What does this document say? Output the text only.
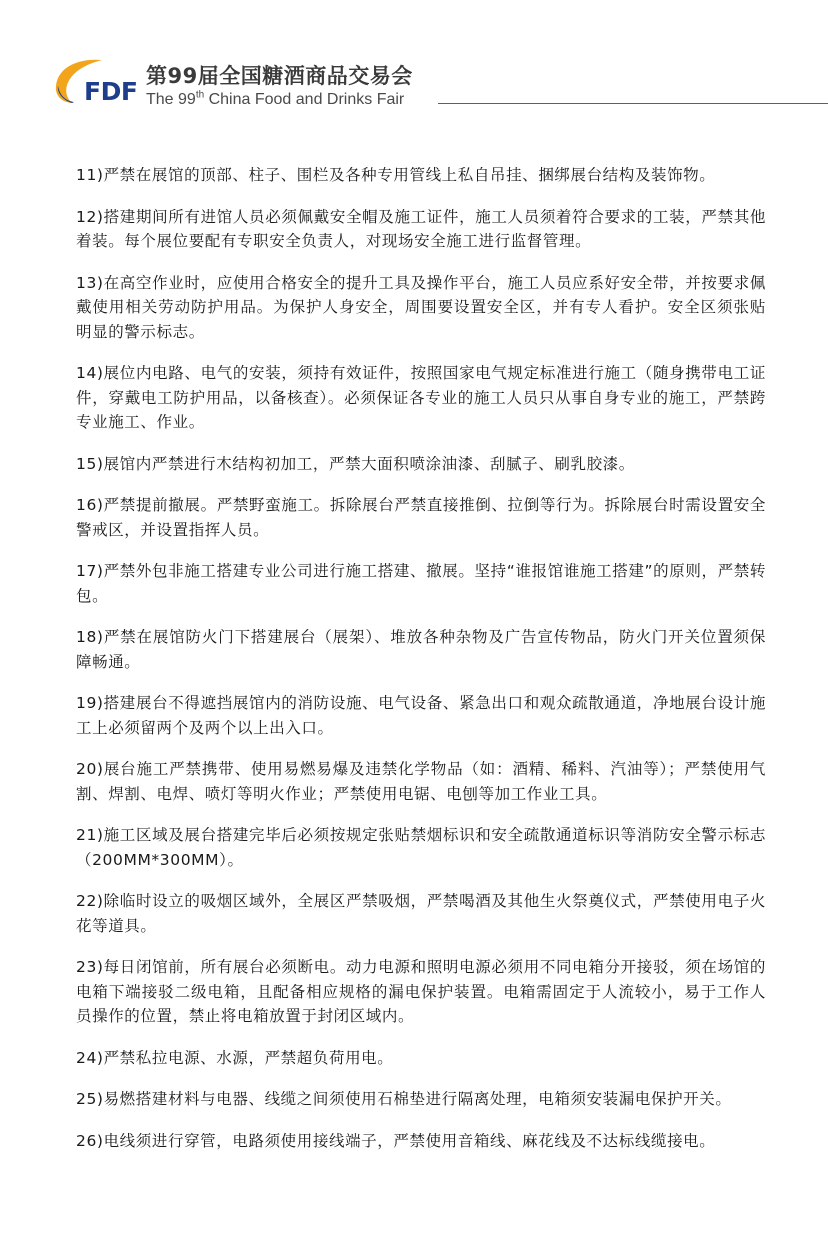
FDF
第99届全国糖酒商品交易会
The 99th China Food and Drinks Fair

11)严禁在展馆的顶部、柱子、围栏及各种专用管线上私自吊挂、捆绑展台结构及装饰物。

12)搭建期间所有进馆人员必须佩戴安全帽及施工证件，施工人员须着符合要求的工装，严禁其他着装。每个展位要配有专职安全负责人，对现场安全施工进行监督管理。

13)在高空作业时，应使用合格安全的提升工具及操作平台，施工人员应系好安全带，并按要求佩戴使用相关劳动防护用品。为保护人身安全，周围要设置安全区，并有专人看护。安全区须张贴明显的警示标志。

14)展位内电路、电气的安装，须持有效证件，按照国家电气规定标准进行施工（随身携带电工证件，穿戴电工防护用品，以备核查）。必须保证各专业的施工人员只从事自身专业的施工，严禁跨专业施工、作业。

15)展馆内严禁进行木结构初加工，严禁大面积喷涂油漆、刮腻子、刷乳胶漆。

16)严禁提前撤展。严禁野蛮施工。拆除展台严禁直接推倒、拉倒等行为。拆除展台时需设置安全警戒区，并设置指挥人员。

17)严禁外包非施工搭建专业公司进行施工搭建、撤展。坚持“谁报馆谁施工搭建”的原则，严禁转包。

18)严禁在展馆防火门下搭建展台（展架）、堆放各种杂物及广告宣传物品，防火门开关位置须保障畅通。

19)搭建展台不得遮挡展馆内的消防设施、电气设备、紧急出口和观众疏散通道，净地展台设计施工上必须留两个及两个以上出入口。

20)展台施工严禁携带、使用易燃易爆及违禁化学物品（如：酒精、稀料、汽油等）；严禁使用气割、焊割、电焊、喷灯等明火作业；严禁使用电锯、电刨等加工作业工具。

21)施工区域及展台搭建完毕后必须按规定张贴禁烟标识和安全疏散通道标识等消防安全警示标志（200MM*300MM）。

22)除临时设立的吸烟区域外，全展区严禁吸烟，严禁喝酒及其他生火祭奠仪式，严禁使用电子火花等道具。

23)每日闭馆前，所有展台必须断电。动力电源和照明电源必须用不同电箱分开接驳，须在场馆的电箱下端接驳二级电箱，且配备相应规格的漏电保护装置。电箱需固定于人流较小，易于工作人员操作的位置，禁止将电箱放置于封闭区域内。

24)严禁私拉电源、水源，严禁超负荷用电。

25)易燃搭建材料与电器、线缆之间须使用石棉垫进行隔离处理，电箱须安装漏电保护开关。

26)电线须进行穿管，电路须使用接线端子，严禁使用音箱线、麻花线及不达标线缆接电。
